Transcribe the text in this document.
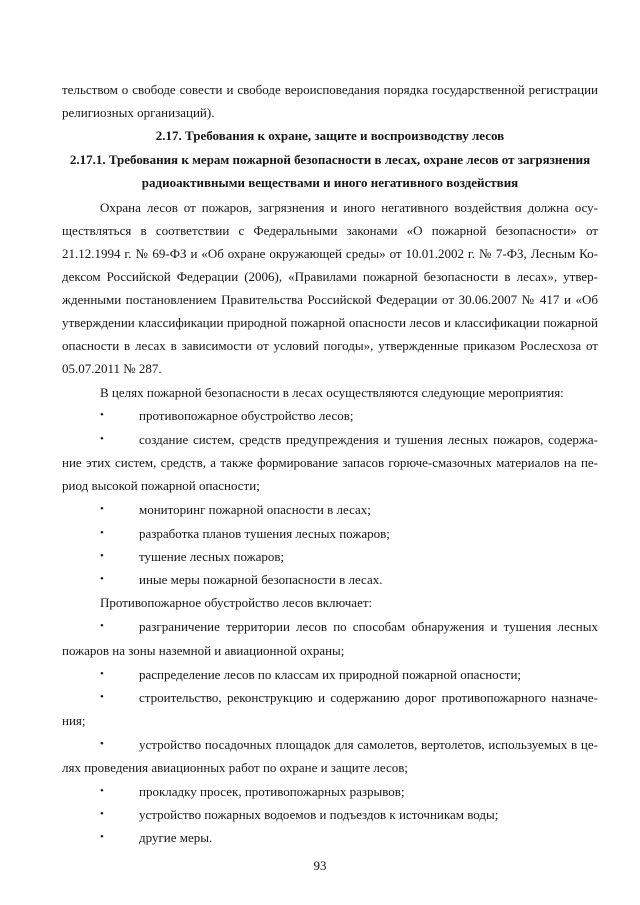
тельством о свободе совести и свободе вероисповедания порядка государственной регистрации
религиозных организаций).
2.17. Требования к охране, защите и воспроизводству лесов
2.17.1. Требования к мерам пожарной безопасности в лесах, охране лесов от загрязнения
радиоактивными веществами и иного негативного воздействия
Охрана лесов от пожаров, загрязнения и иного негативного воздействия должна осу-
ществляться в соответствии с Федеральными законами «О пожарной безопасности» от
21.12.1994 г. № 69-ФЗ и «Об охране окружающей среды» от 10.01.2002 г. № 7-ФЗ, Лесным Ко-
дексом Российской Федерации (2006), «Правилами пожарной безопасности в лесах», утвер-
жденными постановлением Правительства Российской Федерации от 30.06.2007 № 417 и «Об
утверждении классификации природной пожарной опасности лесов и классификации пожарной
опасности в лесах в зависимости от условий погоды», утвержденные приказом Рослесхоза от
05.07.2011 № 287.
В целях пожарной безопасности в лесах осуществляются следующие мероприятия:
•	противопожарное обустройство лесов;
•	создание систем, средств предупреждения и тушения лесных пожаров, содержа-
ние этих систем, средств, а также формирование запасов горюче-смазочных материалов на пе-
риод высокой пожарной опасности;
•	мониторинг пожарной опасности в лесах;
•	разработка планов тушения лесных пожаров;
•	тушение лесных пожаров;
•	иные меры пожарной безопасности в лесах.
Противопожарное обустройство лесов включает:
•	разграничение территории лесов по способам обнаружения и тушения лесных
пожаров на зоны наземной и авиационной охраны;
•	распределение лесов по классам их природной пожарной опасности;
•	строительство, реконструкцию и содержанию дорог противопожарного назначе-
ния;
•	устройство посадочных площадок для самолетов, вертолетов, используемых в це-
лях проведения авиационных работ по охране и защите лесов;
•	прокладку просек, противопожарных разрывов;
•	устройство пожарных водоемов и подъездов к источникам воды;
•	другие меры.
93
